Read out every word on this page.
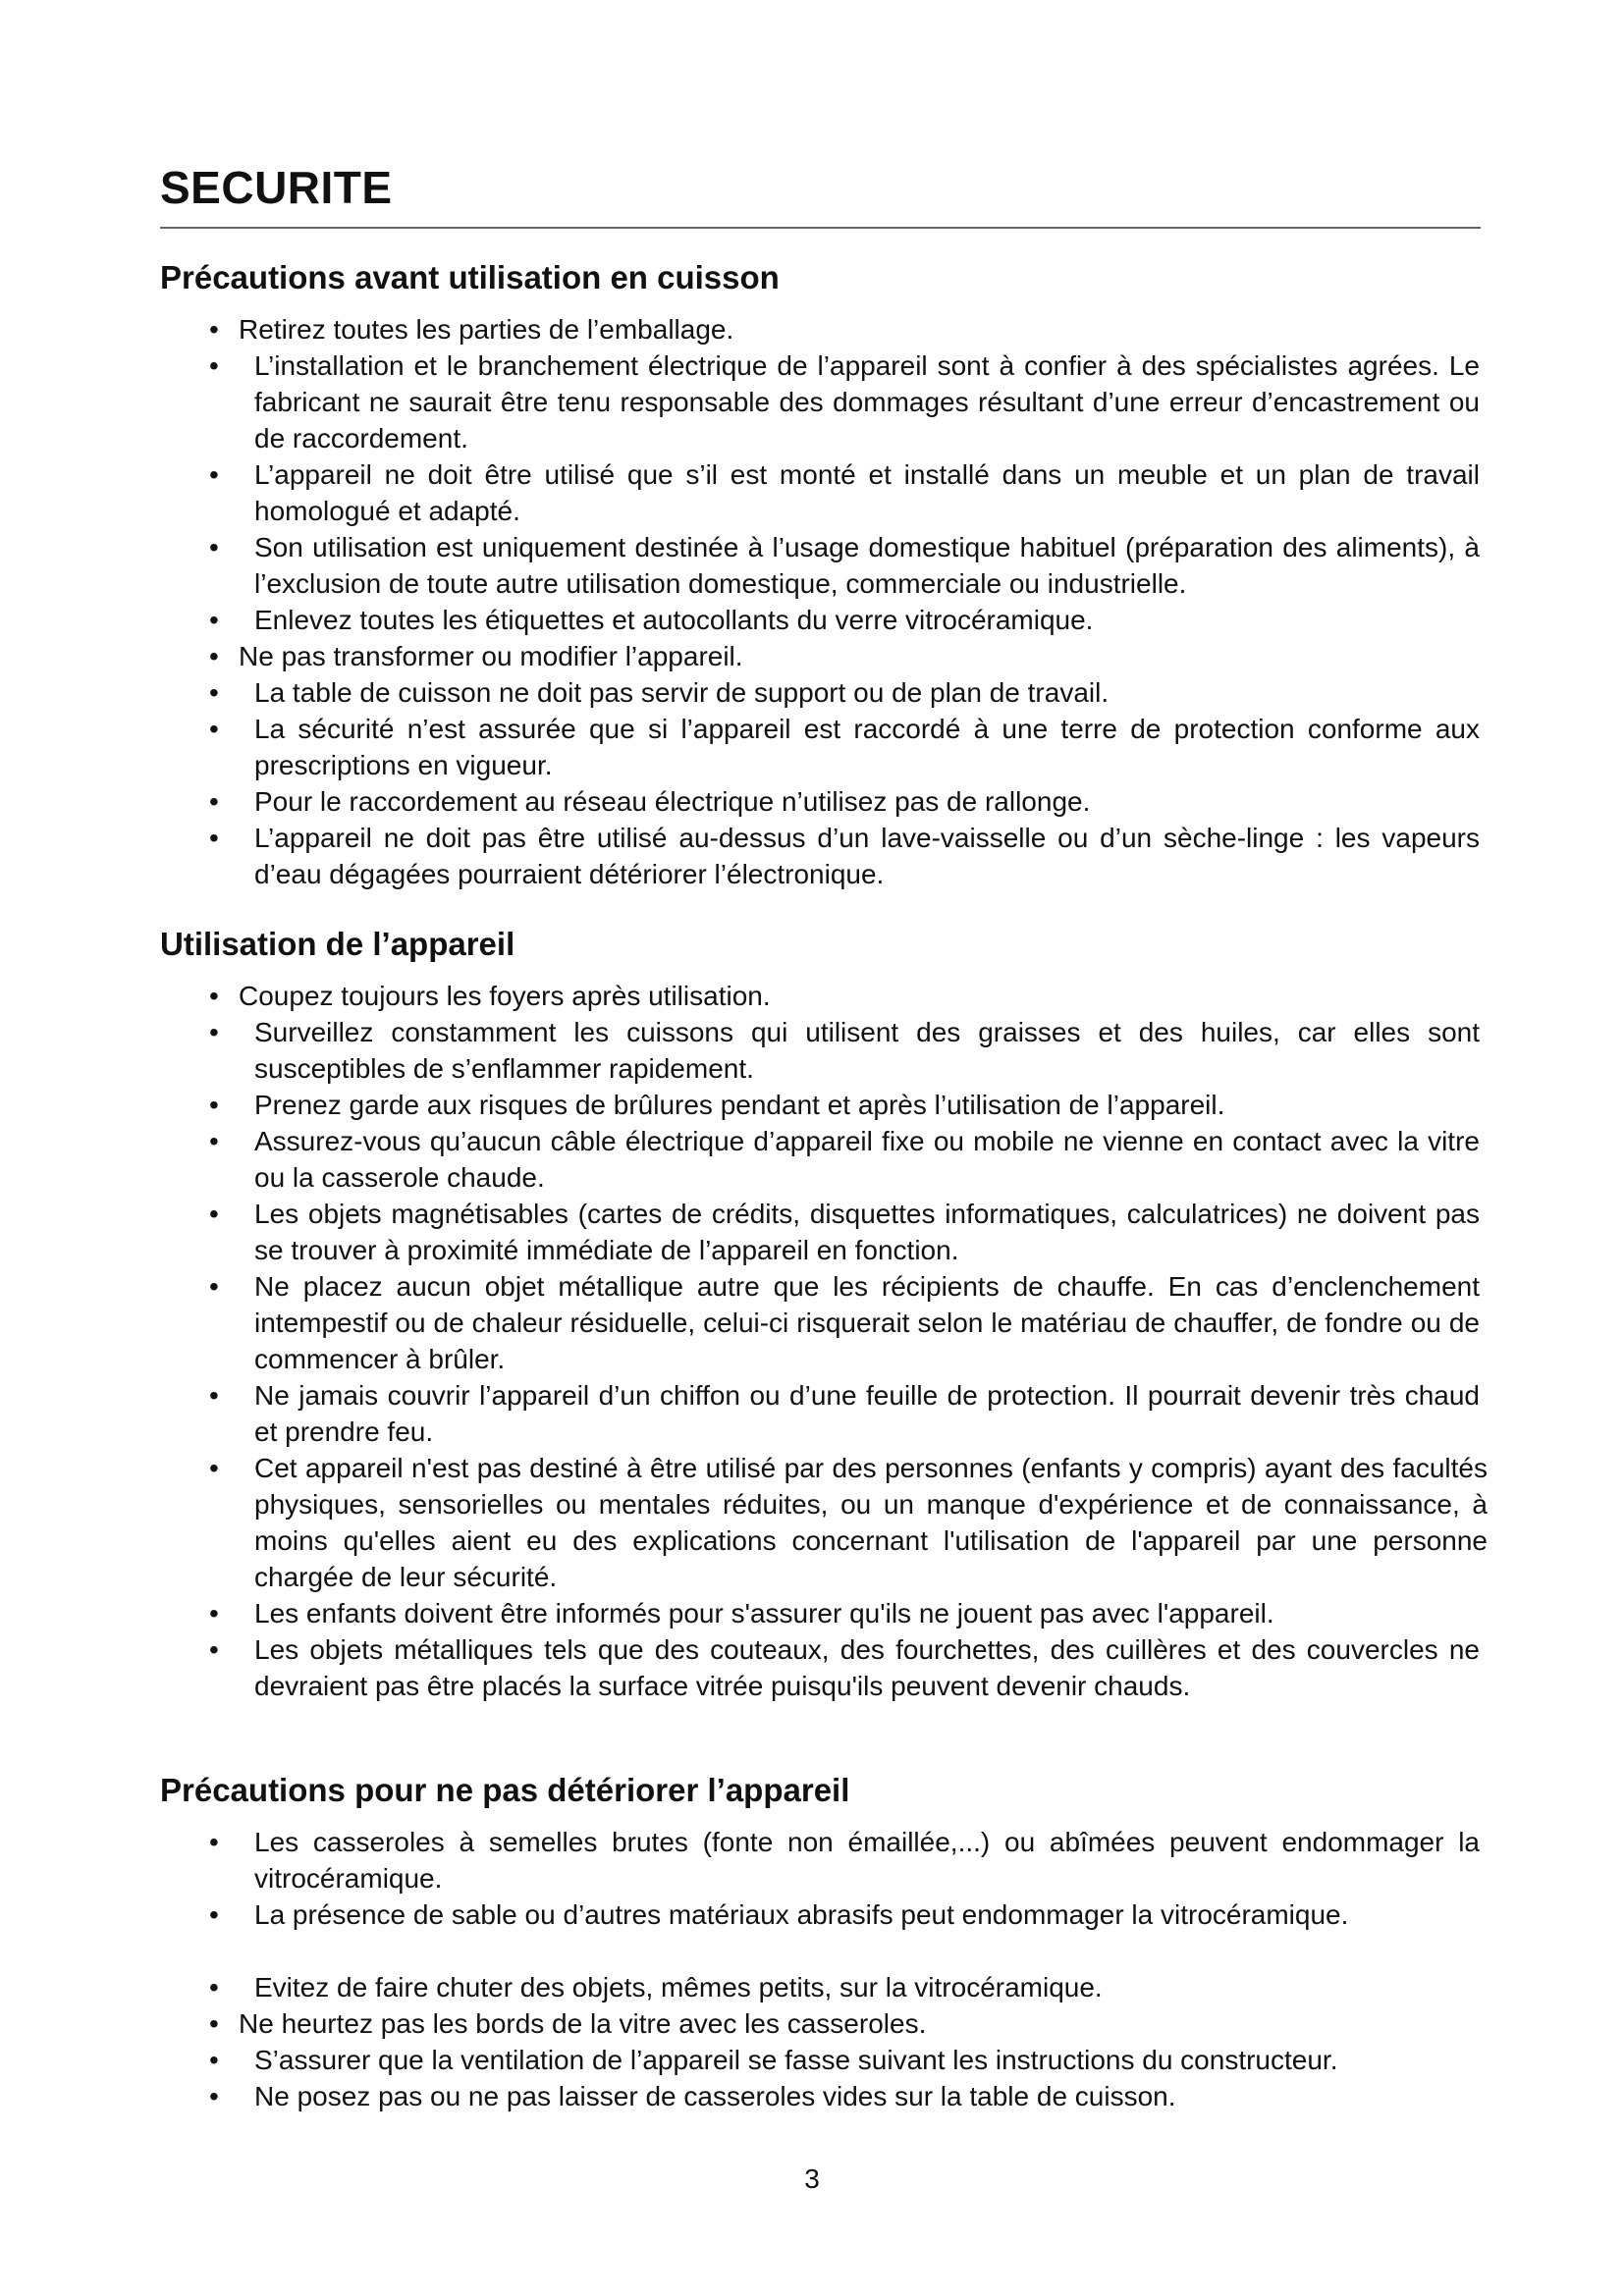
SECURITE
Précautions avant utilisation en cuisson
• Retirez toutes les parties de l’emballage.
• L’installation et le branchement électrique de l’appareil sont à confier à des spécialistes agrées. Le fabricant ne saurait être tenu responsable des dommages résultant d’une erreur d’encastrement ou de raccordement.
• L’appareil ne doit être utilisé que s’il est monté et installé dans un meuble et un plan de travail homologué et adapté.
• Son utilisation est uniquement destinée à l’usage domestique habituel (préparation des aliments), à l’exclusion de toute autre utilisation domestique, commerciale ou industrielle.
• Enlevez toutes les étiquettes et autocollants du verre vitrocéramique.
• Ne pas transformer ou modifier l’appareil.
• La table de cuisson ne doit pas servir de support ou de plan de travail.
• La sécurité n’est assurée que si l’appareil est raccordé à une terre de protection conforme aux prescriptions en vigueur.
• Pour le raccordement au réseau électrique n’utilisez pas de rallonge.
• L’appareil ne doit pas être utilisé au-dessus d’un lave-vaisselle ou d’un sèche-linge : les vapeurs d’eau dégagées pourraient détériorer l’électronique.
Utilisation de l’appareil
• Coupez toujours les foyers après utilisation.
• Surveillez constamment les cuissons qui utilisent des graisses et des huiles, car elles sont susceptibles de s’enflammer rapidement.
• Prenez garde aux risques de brûlures pendant et après l’utilisation de l’appareil.
• Assurez-vous qu’aucun câble électrique d’appareil fixe ou mobile ne vienne en contact avec la vitre ou la casserole chaude.
• Les objets magnétisables (cartes de crédits, disquettes informatiques, calculatrices) ne doivent pas se trouver à proximité immédiate de l’appareil en fonction.
• Ne placez aucun objet métallique autre que les récipients de chauffe. En cas d’enclenchement intempestif ou de chaleur résiduelle, celui-ci risquerait selon le matériau de chauffer, de fondre ou de commencer à brûler.
• Ne jamais couvrir l’appareil d’un chiffon ou d’une feuille de protection. Il pourrait devenir très chaud et prendre feu.
• Cet appareil n'est pas destiné à être utilisé par des personnes (enfants y compris) ayant des facultés physiques, sensorielles ou mentales réduites, ou un manque d'expérience et de connaissance, à moins qu'elles aient eu des explications concernant l'utilisation de l'appareil par une personne chargée de leur sécurité.
• Les enfants doivent être informés pour s'assurer qu'ils ne jouent pas avec l'appareil.
• Les objets métalliques tels que des couteaux, des fourchettes, des cuillères et des couvercles ne devraient pas être placés la surface vitrée puisqu'ils peuvent devenir chauds.
Précautions pour ne pas détériorer l’appareil
• Les casseroles à semelles brutes (fonte non émaillée,...) ou abîmées peuvent endommager la vitrocéramique.
• La présence de sable ou d’autres matériaux abrasifs peut endommager la vitrocéramique.
• Evitez de faire chuter des objets, mêmes petits, sur la vitrocéramique.
• Ne heurtez pas les bords de la vitre avec les casseroles.
• S’assurer que la ventilation de l’appareil se fasse suivant les instructions du constructeur.
• Ne posez pas ou ne pas laisser de casseroles vides sur la table de cuisson.
3
